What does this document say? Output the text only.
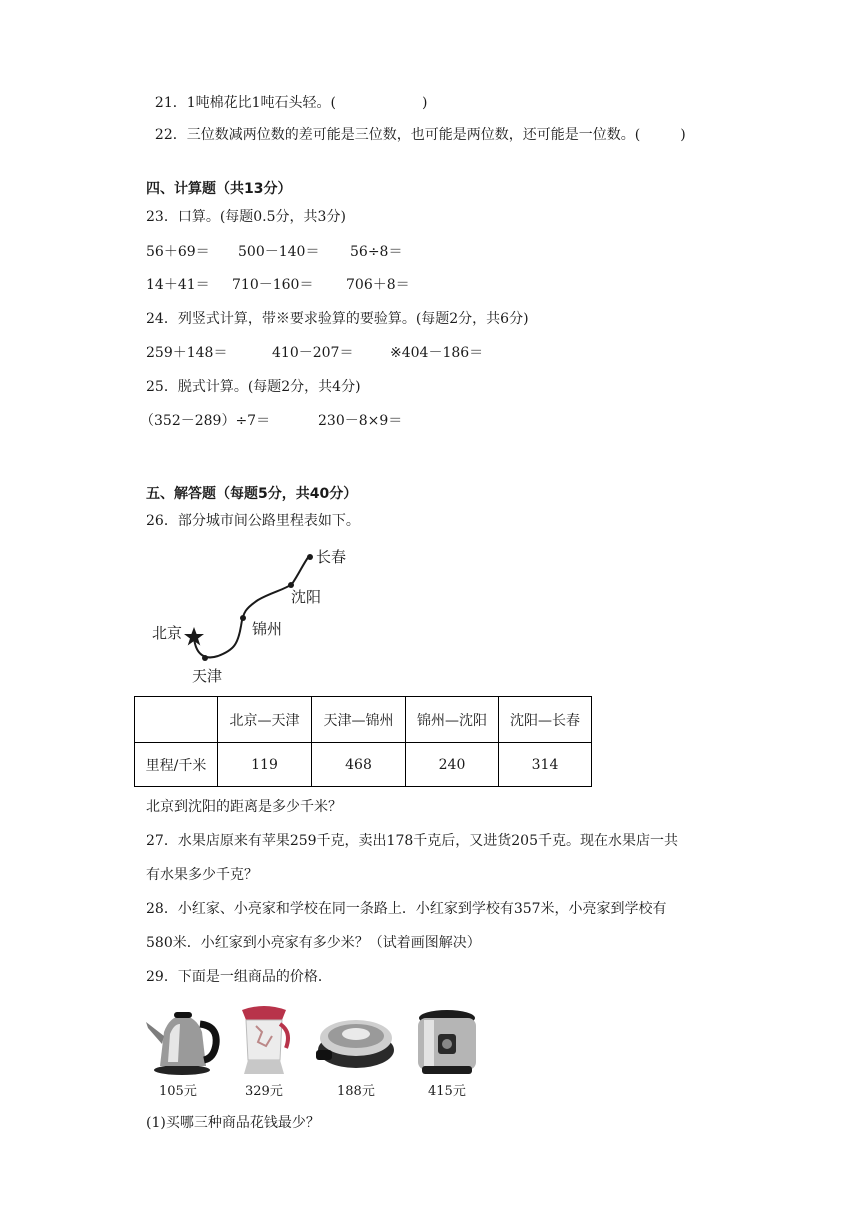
21．1吨棉花比1吨石头轻。(	)

22．三位数减两位数的差可能是三位数，也可能是两位数，还可能是一位数。(	)

四、计算题（共13分）
23．口算。(每题0.5分，共3分)
56＋69＝ 500－140＝ 56÷8＝
14＋41＝ 710－160＝ 706＋8＝
24．列竖式计算，带※要求验算的要验算。(每题2分，共6分)
259＋148＝	410－207＝	※404－186＝
25．脱式计算。(每题2分，共4分)
（352－289）÷7＝	230－8×9＝
五、解答题（每题5分，共40分）
26．部分城市间公路里程表如下。
长春
沈阳
北京	锦州
天津
	北京—天津	天津—锦州	锦州—沈阳	沈阳—长春
里程/千米	119	468	240	314
北京到沈阳的距离是多少千米？
27．水果店原来有苹果259千克，卖出178千克后，又进货205千克。现在水果店一共
有水果多少千克？
28．小红家、小亮家和学校在同一条路上．小红家到学校有357米，小亮家到学校有
580米．小红家到小亮家有多少米？（试着画图解决）
29．下面是一组商品的价格．
105元	329元	188元	415元
(1)买哪三种商品花钱最少？
